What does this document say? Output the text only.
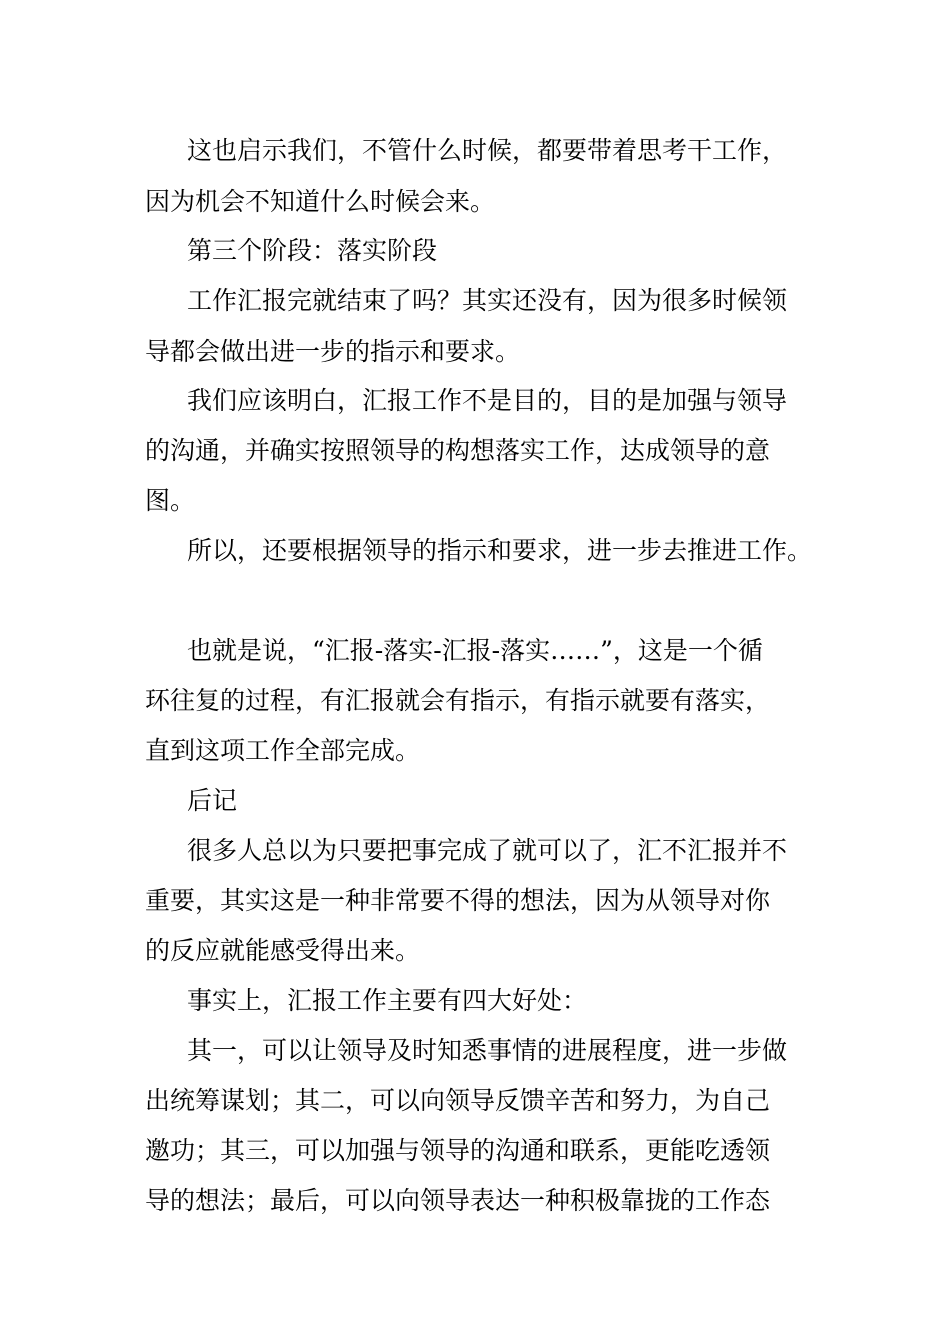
这也启示我们，不管什么时候，都要带着思考干工作，
因为机会不知道什么时候会来。
第三个阶段：落实阶段
工作汇报完就结束了吗？其实还没有，因为很多时候领
导都会做出进一步的指示和要求。
我们应该明白，汇报工作不是目的，目的是加强与领导
的沟通，并确实按照领导的构想落实工作，达成领导的意
图。
所以，还要根据领导的指示和要求，进一步去推进工作。
也就是说，“汇报-落实-汇报-落实……”，这是一个循
环往复的过程，有汇报就会有指示，有指示就要有落实，
直到这项工作全部完成。
后记
很多人总以为只要把事完成了就可以了，汇不汇报并不
重要，其实这是一种非常要不得的想法，因为从领导对你
的反应就能感受得出来。
事实上，汇报工作主要有四大好处：
其一，可以让领导及时知悉事情的进展程度，进一步做
出统筹谋划；其二，可以向领导反馈辛苦和努力，为自己
邀功；其三，可以加强与领导的沟通和联系，更能吃透领
导的想法；最后，可以向领导表达一种积极靠拢的工作态
